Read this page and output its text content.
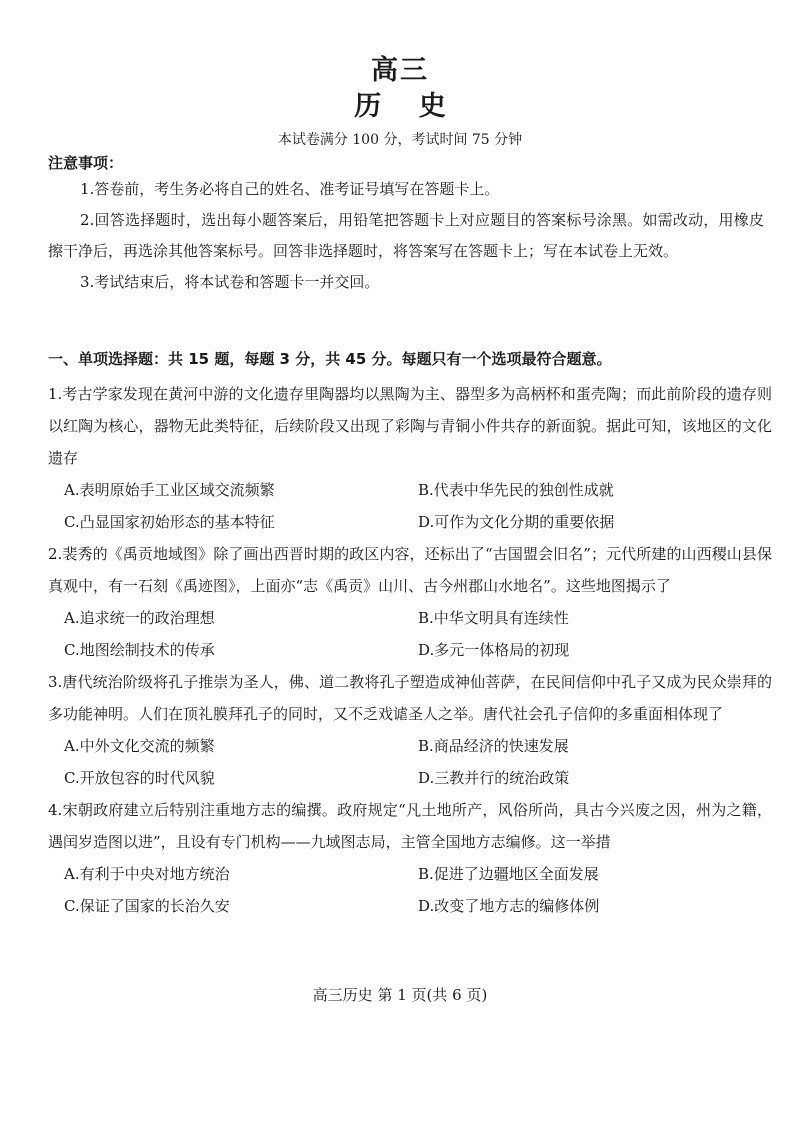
高三
历 史
本试卷满分 100 分，考试时间 75 分钟
注意事项：

1.答卷前，考生务必将自己的姓名、准考证号填写在答题卡上。

2.回答选择题时，选出每小题答案后，用铅笔把答题卡上对应题目的答案标号涂黑。如需改动，用橡皮擦干净后，再选涂其他答案标号。回答非选择题时，将答案写在答题卡上；写在本试卷上无效。

3.考试结束后，将本试卷和答题卡一并交回。

一、单项选择题：共 15 题，每题 3 分，共 45 分。每题只有一个选项最符合题意。

1.考古学家发现在黄河中游的文化遗存里陶器均以黑陶为主、器型多为高柄杯和蛋壳陶；而此前阶段的遗存则以红陶为核心，器物无此类特征，后续阶段又出现了彩陶与青铜小件共存的新面貌。据此可知，该地区的文化遗存

A.表明原始手工业区域交流频繁	B.代表中华先民的独创性成就
C.凸显国家初始形态的基本特征	D.可作为文化分期的重要依据

2.裴秀的《禹贡地域图》除了画出西晋时期的政区内容，还标出了“古国盟会旧名”；元代所建的山西稷山县保真观中，有一石刻《禹迹图》，上面亦“志《禹贡》山川、古今州郡山水地名”。这些地图揭示了

A.追求统一的政治理想	B.中华文明具有连续性
C.地图绘制技术的传承	D.多元一体格局的初现

3.唐代统治阶级将孔子推崇为圣人，佛、道二教将孔子塑造成神仙菩萨，在民间信仰中孔子又成为民众崇拜的多功能神明。人们在顶礼膜拜孔子的同时，又不乏戏谑圣人之举。唐代社会孔子信仰的多重面相体现了

A.中外文化交流的频繁	B.商品经济的快速发展
C.开放包容的时代风貌	D.三教并行的统治政策

4.宋朝政府建立后特别注重地方志的编撰。政府规定“凡土地所产，风俗所尚，具古今兴废之因，州为之籍，遇闰岁造图以进”，且设有专门机构——九域图志局，主管全国地方志编修。这一举措

A.有利于中央对地方统治	B.促进了边疆地区全面发展
C.保证了国家的长治久安	D.改变了地方志的编修体例
高三历史 第 1 页(共 6 页)
